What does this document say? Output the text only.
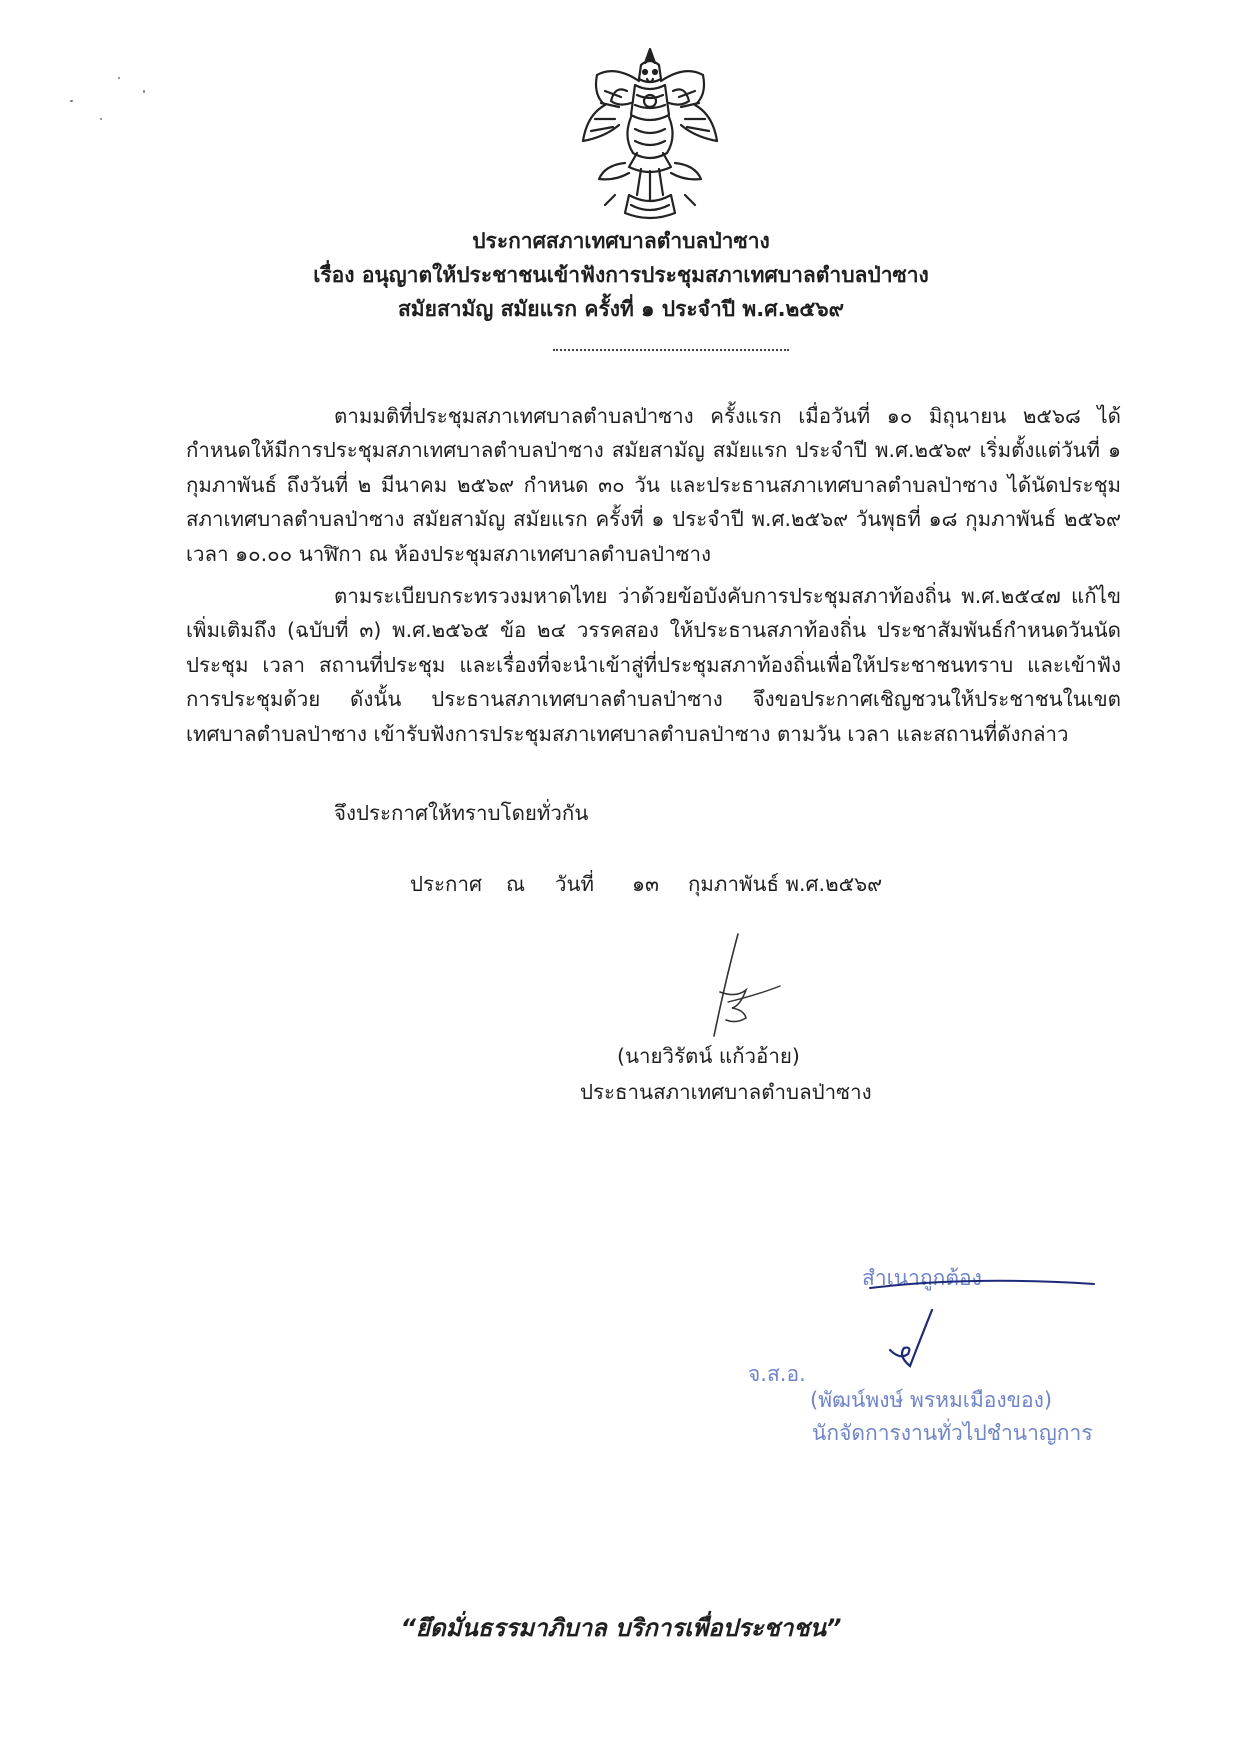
ประกาศสภาเทศบาลตำบลป่าซาง
เรื่อง อนุญาตให้ประชาชนเข้าฟังการประชุมสภาเทศบาลตำบลป่าซาง
สมัยสามัญ สมัยแรก ครั้งที่ ๑ ประจำปี พ.ศ.๒๕๖๙

ตามมติที่ประชุมสภาเทศบาลตำบลป่าซาง ครั้งแรก เมื่อวันที่ ๑๐ มิถุนายน ๒๕๖๘ ได้กำหนดให้มีการประชุมสภาเทศบาลตำบลป่าซาง สมัยสามัญ สมัยแรก ประจำปี พ.ศ.๒๕๖๙ เริ่มตั้งแต่วันที่ ๑ กุมภาพันธ์ ถึงวันที่ ๒ มีนาคม ๒๕๖๙ กำหนด ๓๐ วัน และประธานสภาเทศบาลตำบลป่าซาง ได้นัดประชุมสภาเทศบาลตำบลป่าซาง สมัยสามัญ สมัยแรก ครั้งที่ ๑ ประจำปี พ.ศ.๒๕๖๙ วันพุธที่ ๑๘ กุมภาพันธ์ ๒๕๖๙ เวลา ๑๐.๐๐ นาฬิกา ณ ห้องประชุมสภาเทศบาลตำบลป่าซาง

ตามระเบียบกระทรวงมหาดไทย ว่าด้วยข้อบังคับการประชุมสภาท้องถิ่น พ.ศ.๒๕๔๗ แก้ไขเพิ่มเติมถึง (ฉบับที่ ๓) พ.ศ.๒๕๖๕ ข้อ ๒๔ วรรคสอง ให้ประธานสภาท้องถิ่น ประชาสัมพันธ์กำหนดวันนัดประชุม เวลา สถานที่ประชุม และเรื่องที่จะนำเข้าสู่ที่ประชุมสภาท้องถิ่นเพื่อให้ประชาชนทราบ และเข้าฟังการประชุมด้วย ดังนั้น ประธานสภาเทศบาลตำบลป่าซาง จึงขอประกาศเชิญชวนให้ประชาชนในเขตเทศบาลตำบลป่าซาง เข้ารับฟังการประชุมสภาเทศบาลตำบลป่าซาง ตามวัน เวลา และสถานที่ดังกล่าว

จึงประกาศให้ทราบโดยทั่วกัน
ประกาศ ณ วันที่ ๑๓ กุมภาพันธ์ พ.ศ.๒๕๖๙
(นายวิรัตน์ แก้วอ้าย)
ประธานสภาเทศบาลตำบลป่าซาง
สำเนาถูกต้อง
จ.ส.อ.
(พัฒน์พงษ์ พรหมเมืองของ)
นักจัดการงานทั่วไปชำนาญการ
“ยึดมั่นธรรมาภิบาล บริการเพื่อประชาชน”
